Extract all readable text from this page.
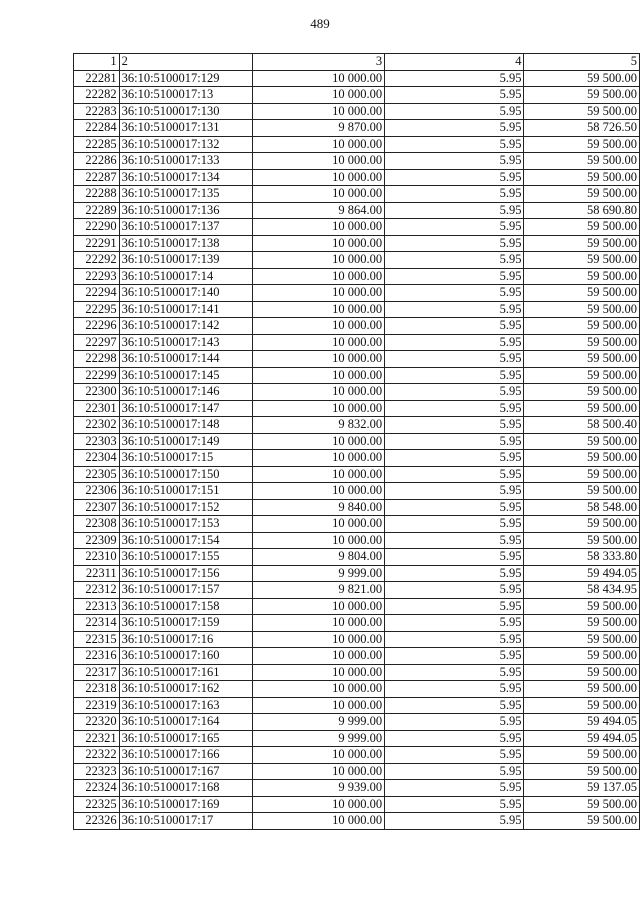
489
1	2	3	4	5
22281	36:10:5100017:129	10 000.00	5.95	59 500.00
22282	36:10:5100017:13	10 000.00	5.95	59 500.00
22283	36:10:5100017:130	10 000.00	5.95	59 500.00
22284	36:10:5100017:131	9 870.00	5.95	58 726.50
22285	36:10:5100017:132	10 000.00	5.95	59 500.00
22286	36:10:5100017:133	10 000.00	5.95	59 500.00
22287	36:10:5100017:134	10 000.00	5.95	59 500.00
22288	36:10:5100017:135	10 000.00	5.95	59 500.00
22289	36:10:5100017:136	9 864.00	5.95	58 690.80
22290	36:10:5100017:137	10 000.00	5.95	59 500.00
22291	36:10:5100017:138	10 000.00	5.95	59 500.00
22292	36:10:5100017:139	10 000.00	5.95	59 500.00
22293	36:10:5100017:14	10 000.00	5.95	59 500.00
22294	36:10:5100017:140	10 000.00	5.95	59 500.00
22295	36:10:5100017:141	10 000.00	5.95	59 500.00
22296	36:10:5100017:142	10 000.00	5.95	59 500.00
22297	36:10:5100017:143	10 000.00	5.95	59 500.00
22298	36:10:5100017:144	10 000.00	5.95	59 500.00
22299	36:10:5100017:145	10 000.00	5.95	59 500.00
22300	36:10:5100017:146	10 000.00	5.95	59 500.00
22301	36:10:5100017:147	10 000.00	5.95	59 500.00
22302	36:10:5100017:148	9 832.00	5.95	58 500.40
22303	36:10:5100017:149	10 000.00	5.95	59 500.00
22304	36:10:5100017:15	10 000.00	5.95	59 500.00
22305	36:10:5100017:150	10 000.00	5.95	59 500.00
22306	36:10:5100017:151	10 000.00	5.95	59 500.00
22307	36:10:5100017:152	9 840.00	5.95	58 548.00
22308	36:10:5100017:153	10 000.00	5.95	59 500.00
22309	36:10:5100017:154	10 000.00	5.95	59 500.00
22310	36:10:5100017:155	9 804.00	5.95	58 333.80
22311	36:10:5100017:156	9 999.00	5.95	59 494.05
22312	36:10:5100017:157	9 821.00	5.95	58 434.95
22313	36:10:5100017:158	10 000.00	5.95	59 500.00
22314	36:10:5100017:159	10 000.00	5.95	59 500.00
22315	36:10:5100017:16	10 000.00	5.95	59 500.00
22316	36:10:5100017:160	10 000.00	5.95	59 500.00
22317	36:10:5100017:161	10 000.00	5.95	59 500.00
22318	36:10:5100017:162	10 000.00	5.95	59 500.00
22319	36:10:5100017:163	10 000.00	5.95	59 500.00
22320	36:10:5100017:164	9 999.00	5.95	59 494.05
22321	36:10:5100017:165	9 999.00	5.95	59 494.05
22322	36:10:5100017:166	10 000.00	5.95	59 500.00
22323	36:10:5100017:167	10 000.00	5.95	59 500.00
22324	36:10:5100017:168	9 939.00	5.95	59 137.05
22325	36:10:5100017:169	10 000.00	5.95	59 500.00
22326	36:10:5100017:17	10 000.00	5.95	59 500.00
